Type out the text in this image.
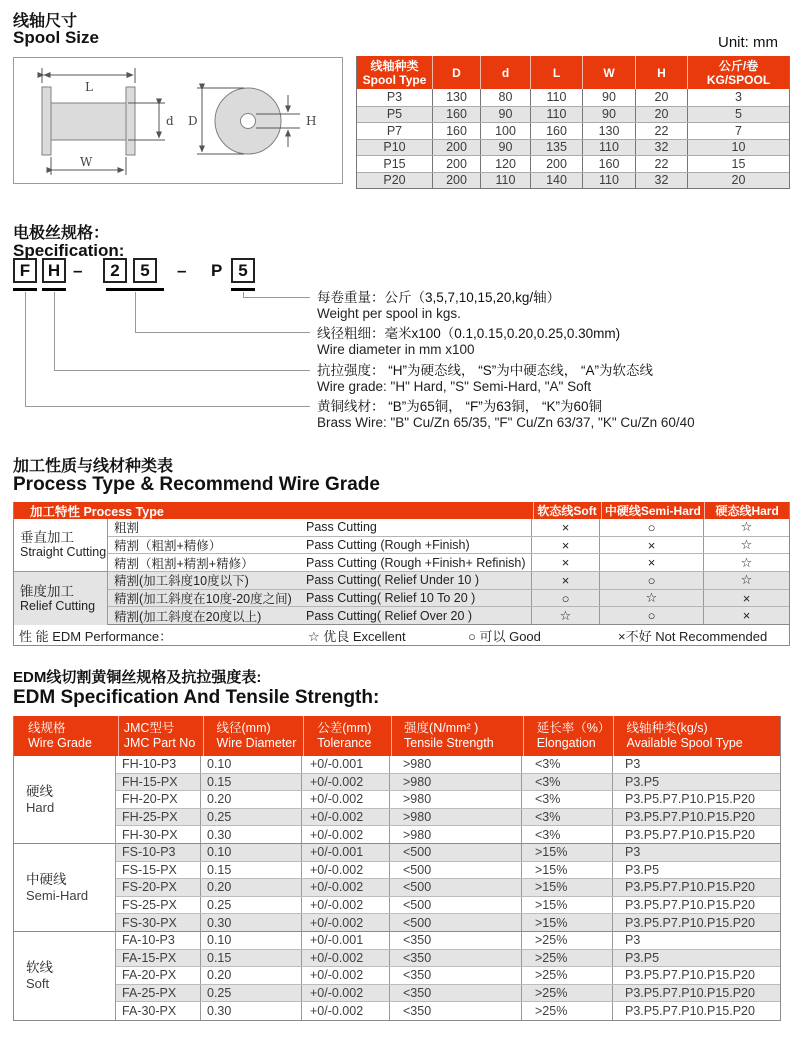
线轴尺寸
Spool Size	Unit: mm
L
d
W
D	H
线轴种类
Spool Type	D	d	L	W	H	公斤/卷
KG/SPOOL
P3	130	80	110	90	20	3
P5	160	90	110	90	20	5
P7	160	100	160	130	22	7
P10	200	90	135	110	32	10
P15	200	120	200	160	22	15
P20	200	110	140	110	32	20
电极丝规格：
Specification:
F	H –	2	5	– P 5
每卷重量：公斤（3,5,7,10,15,20,kg/轴）
Weight per spool in kgs.
线径粗细：毫米x100（0.1,0.15,0.20,0.25,0.30mm)
Wire diameter in mm x100
抗拉强度： “H”为硬态线， “S”为中硬态线， “A”为软态线
Wire grade: "H" Hard, "S" Semi-Hard, "A" Soft
黄铜线材： “B”为65铜， “F”为63铜， “K”为60铜
Brass Wire: "B" Cu/Zn 65/35, "F" Cu/Zn 63/37, "K" Cu/Zn 60/40
加工性质与线材种类表
Process Type & Recommend Wire Grade
加工特性 Process Type	软态线Soft 中硬线Semi-Hard	硬态线Hard
垂直加工
Straight Cutting
锥度加工
Relief Cutting
粗割	Pass Cutting	×	○	☆
精割（粗割+精修）	Pass Cutting (Rough +Finish)	×	×	☆
精割（粗割+精割+精修）	Pass Cutting (Rough +Finish+ Refinish)	×	×	☆
精割(加工斜度10度以下)	Pass Cutting( Relief Under 10 )	×	○	☆
精割(加工斜度在10度-20度之间)	Pass Cutting( Relief 10 To 20 )	○	☆	×
精割(加工斜度在20度以上)	Pass Cutting( Relief Over 20 )	☆	○	×
性 能 EDM Performance：	☆ 优良 Excellent	○ 可以 Good	×不好 Not Recommended
EDM线切割黄铜丝规格及抗拉强度表:
EDM Specification And Tensile Strength:
线规格
Wire Grade
JMC型号
JMC Part No
线径(mm)
Wire Diameter
公差(mm)
Tolerance
强度(N/mm² )
Tensile Strength
延长率（%）
Elongation
线轴种类(kg/s)
Available Spool Type
硬线
Hard
中硬线
Semi-Hard
软线
Soft
FH-10-P3	0.10	+0/-0.001	>980	<3%	P3
FH-15-PX	0.15	+0/-0.002	>980	<3%	P3.P5
FH-20-PX	0.20	+0/-0.002	>980	<3%	P3.P5.P7.P10.P15.P20
FH-25-PX	0.25	+0/-0.002	>980	<3%	P3.P5.P7.P10.P15.P20
FH-30-PX	0.30	+0/-0.002	>980	<3%	P3.P5.P7.P10.P15.P20
FS-10-P3	0.10	+0/-0.001	<500	>15%	P3
FS-15-PX	0.15	+0/-0.002	<500	>15%	P3.P5
FS-20-PX	0.20	+0/-0.002	<500	>15%	P3.P5.P7.P10.P15.P20
FS-25-PX	0.25	+0/-0.002	<500	>15%	P3.P5.P7.P10.P15.P20
FS-30-PX	0.30	+0/-0.002	<500	>15%	P3.P5.P7.P10.P15.P20
FA-10-P3	0.10	+0/-0.001	<350	>25%	P3
FA-15-PX	0.15	+0/-0.002	<350	>25%	P3.P5
FA-20-PX	0.20	+0/-0.002	<350	>25%	P3.P5.P7.P10.P15.P20
FA-25-PX	0.25	+0/-0.002	<350	>25%	P3.P5.P7.P10.P15.P20
FA-30-PX	0.30	+0/-0.002	<350	>25%	P3.P5.P7.P10.P15.P20
